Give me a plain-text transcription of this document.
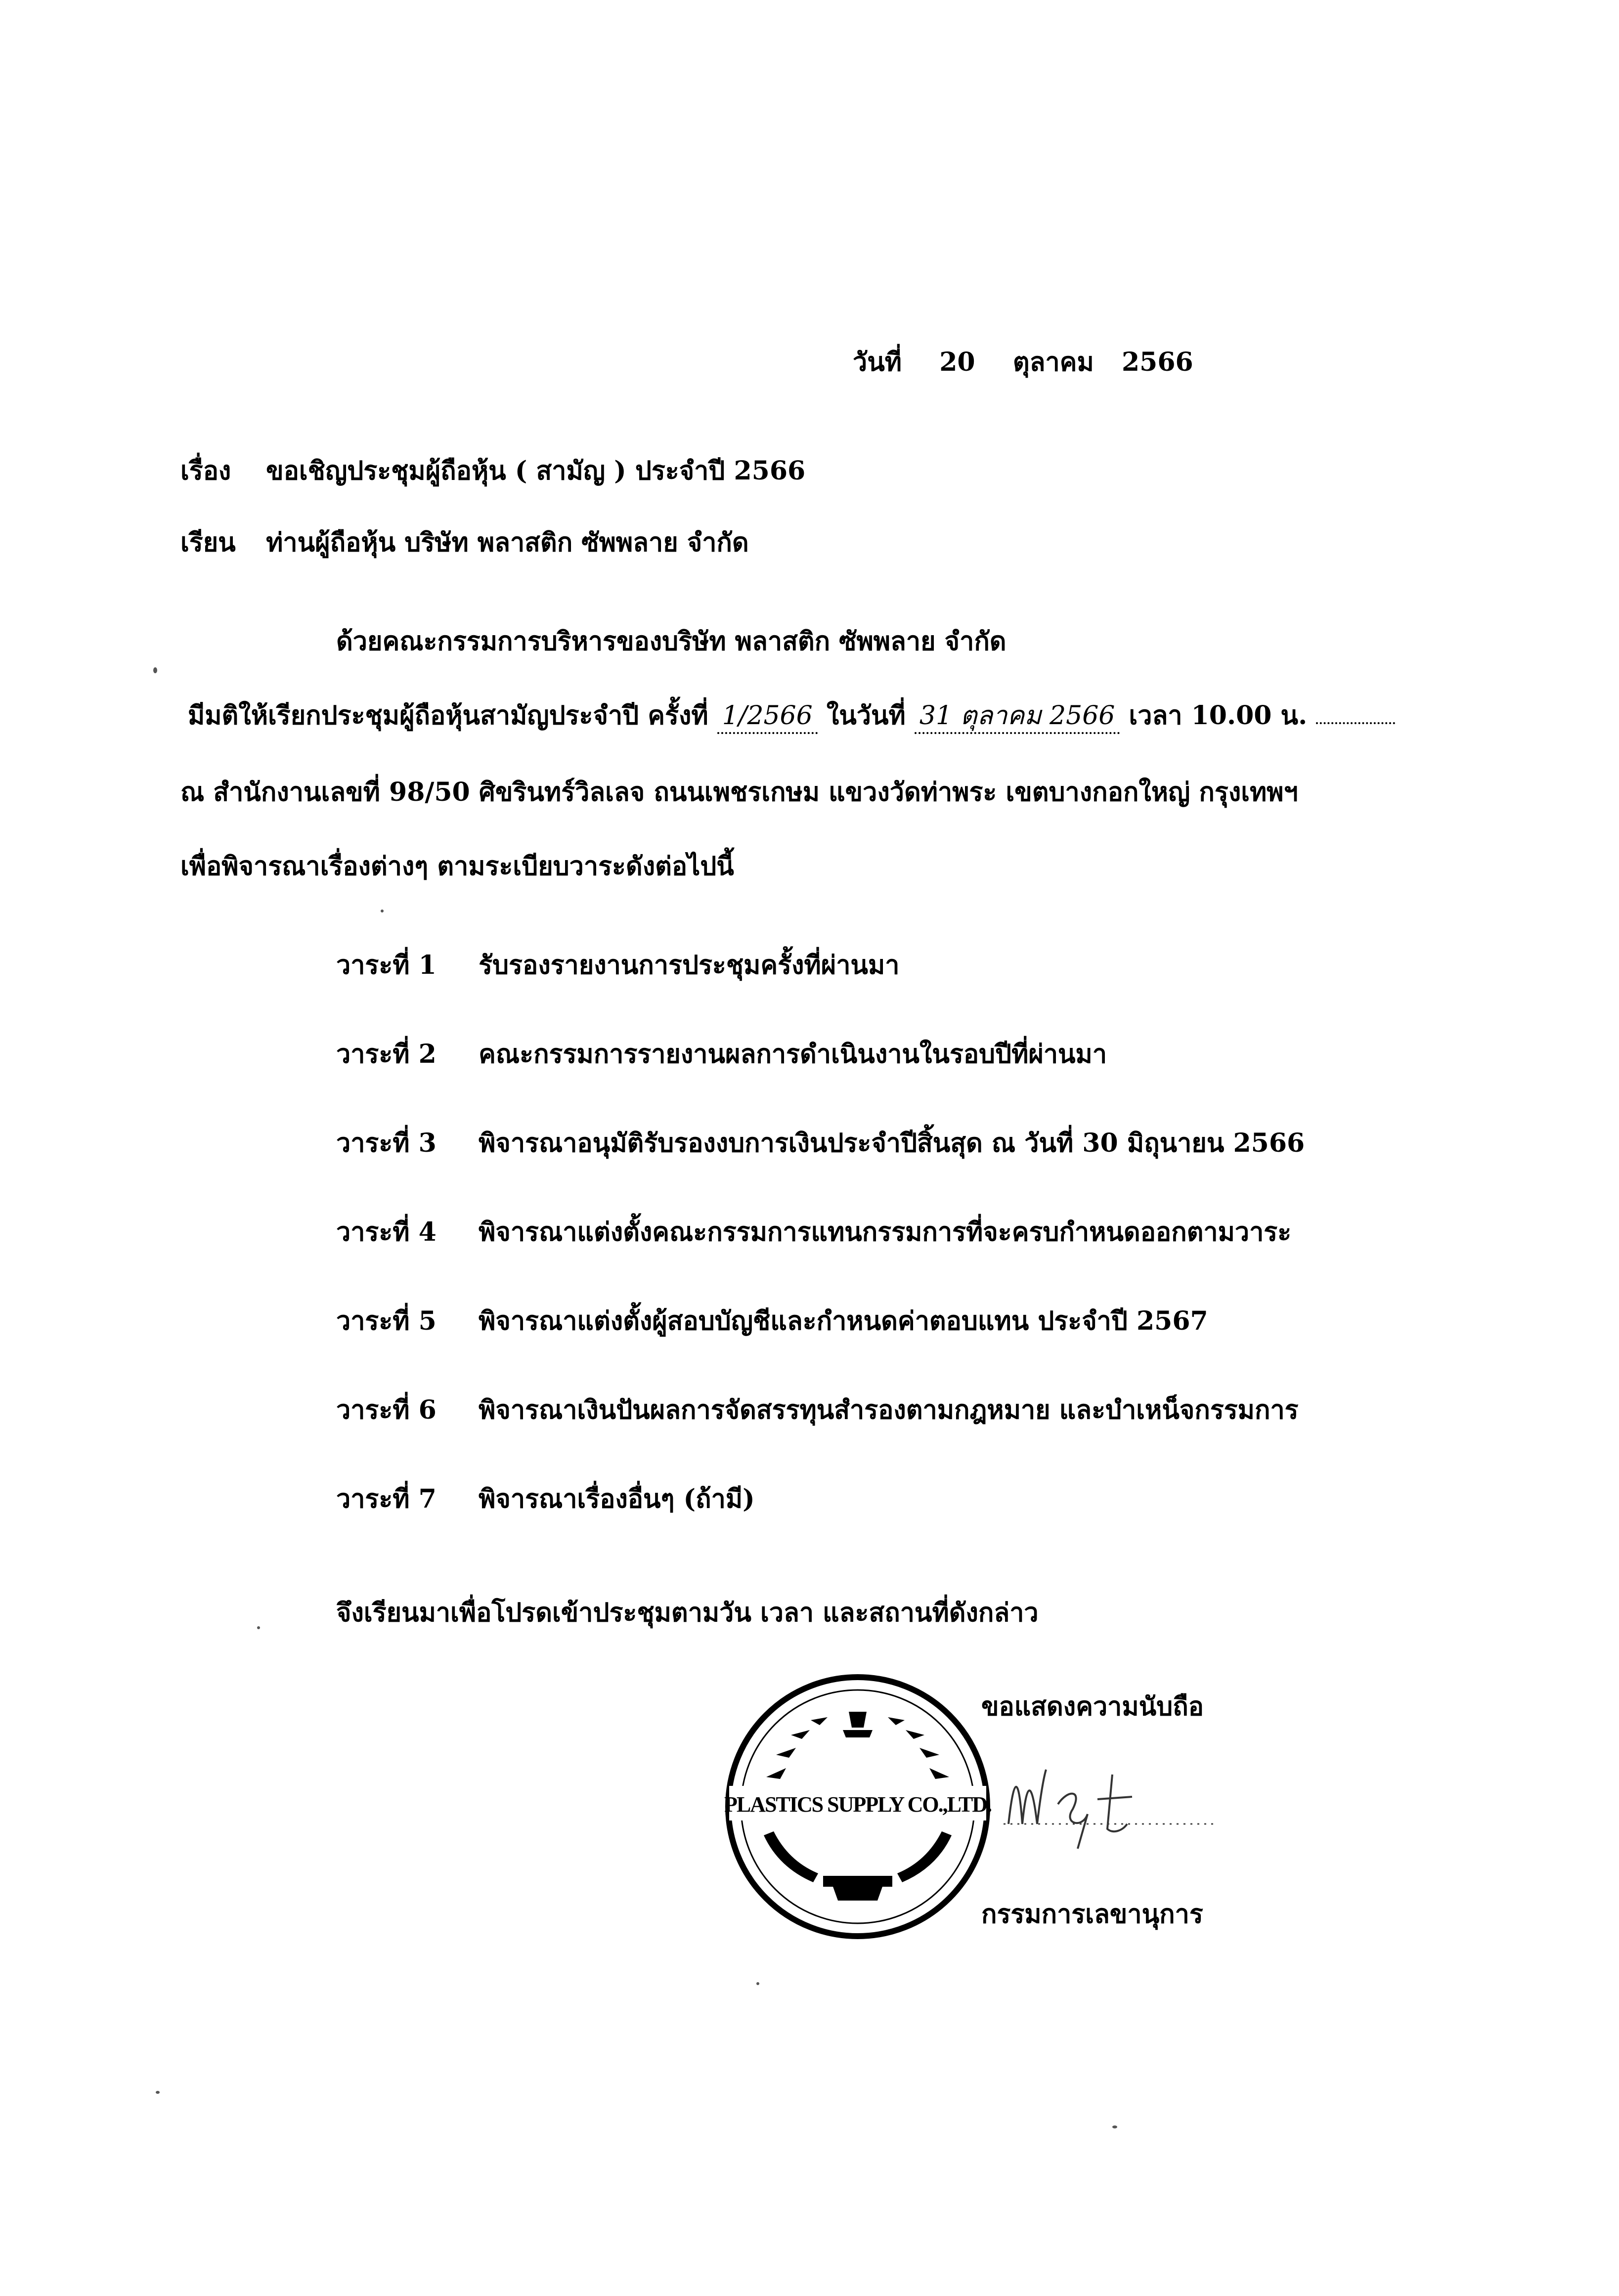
วันที่ 20 ตุลาคม 2566
เรื่อง ขอเชิญประชุมผู้ถือหุ้น ( สามัญ ) ประจำปี 2566
เรียน ท่านผู้ถือหุ้น บริษัท พลาสติก ซัพพลาย จำกัด
ด้วยคณะกรรมการบริหารของบริษัท พลาสติก ซัพพลาย จำกัด
มีมติให้เรียกประชุมผู้ถือหุ้นสามัญประจำปี ครั้งที่ 1/2566 ในวันที่ 31 ตุลาคม 2566 เวลา 10.00 น.
ณ สำนักงานเลขที่ 98/50 ศิขรินทร์วิลเลจ ถนนเพชรเกษม แขวงวัดท่าพระ เขตบางกอกใหญ่ กรุงเทพฯ
เพื่อพิจารณาเรื่องต่างๆ ตามระเบียบวาระดังต่อไปนี้
วาระที่ 1 รับรองรายงานการประชุมครั้งที่ผ่านมา
วาระที่ 2 คณะกรรมการรายงานผลการดำเนินงานในรอบปีที่ผ่านมา
วาระที่ 3 พิจารณาอนุมัติรับรองงบการเงินประจำปีสิ้นสุด ณ วันที่ 30 มิถุนายน 2566
วาระที่ 4 พิจารณาแต่งตั้งคณะกรรมการแทนกรรมการที่จะครบกำหนดออกตามวาระ
วาระที่ 5 พิจารณาแต่งตั้งผู้สอบบัญชีและกำหนดค่าตอบแทน ประจำปี 2567
วาระที่ 6 พิจารณาเงินปันผลการจัดสรรทุนสำรองตามกฎหมาย และบำเหน็จกรรมการ
วาระที่ 7 พิจารณาเรื่องอื่นๆ (ถ้ามี)
จึงเรียนมาเพื่อโปรดเข้าประชุมตามวัน เวลา และสถานที่ดังกล่าว
ขอแสดงความนับถือ
กรรมการเลขานุการ
PLASTICS SUPPLY CO.,LTD.
